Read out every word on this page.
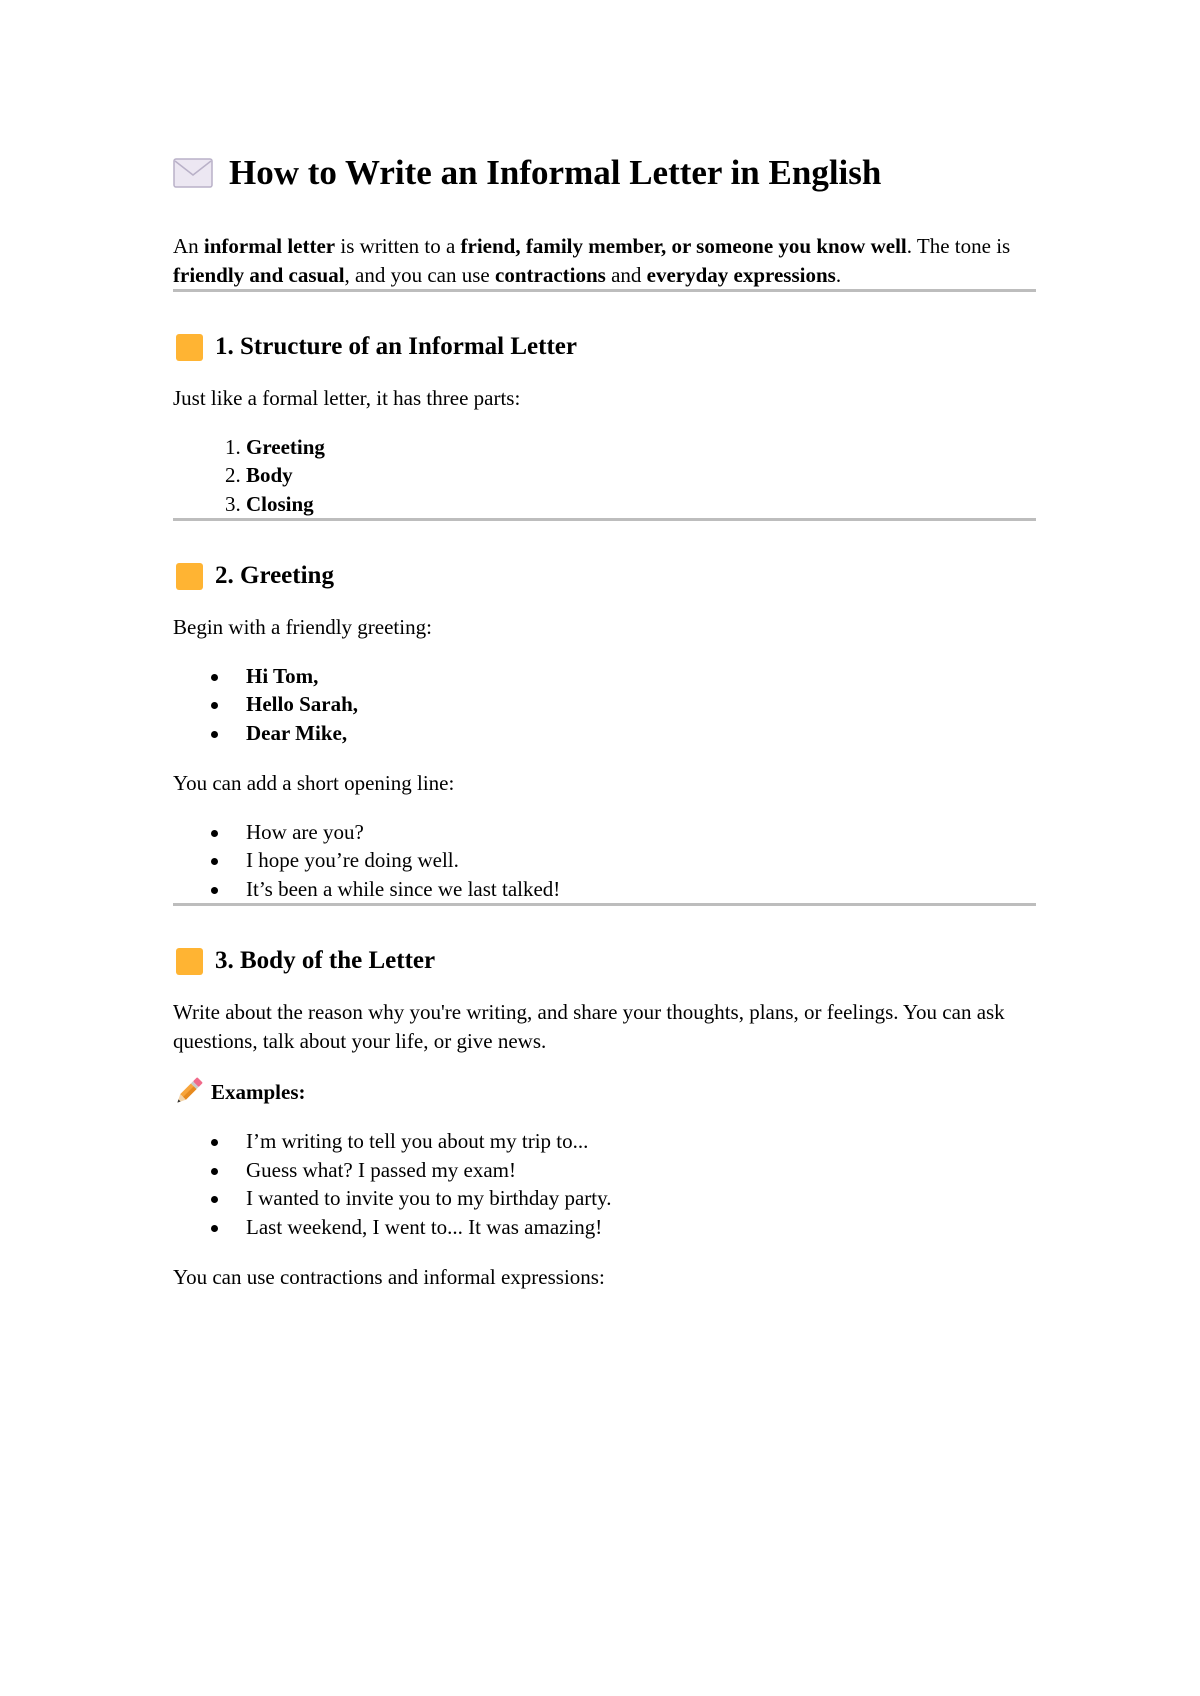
How to Write an Informal Letter in English

An informal letter is written to a friend, family member, or someone you know well. The tone is friendly and casual, and you can use contractions and everyday expressions.

1. Structure of an Informal Letter

Just like a formal letter, it has three parts:

1. Greeting
2. Body
3. Closing
2. Greeting

Begin with a friendly greeting:

Hi Tom,
Hello Sarah,
Dear Mike,

You can add a short opening line:

How are you?
I hope you’re doing well.
It’s been a while since we last talked!
3. Body of the Letter

Write about the reason why you're writing, and share your thoughts, plans, or feelings. You can ask questions, talk about your life, or give news.

Examples:
I’m writing to tell you about my trip to...
Guess what? I passed my exam!
I wanted to invite you to my birthday party.
Last weekend, I went to... It was amazing!

You can use contractions and informal expressions:
